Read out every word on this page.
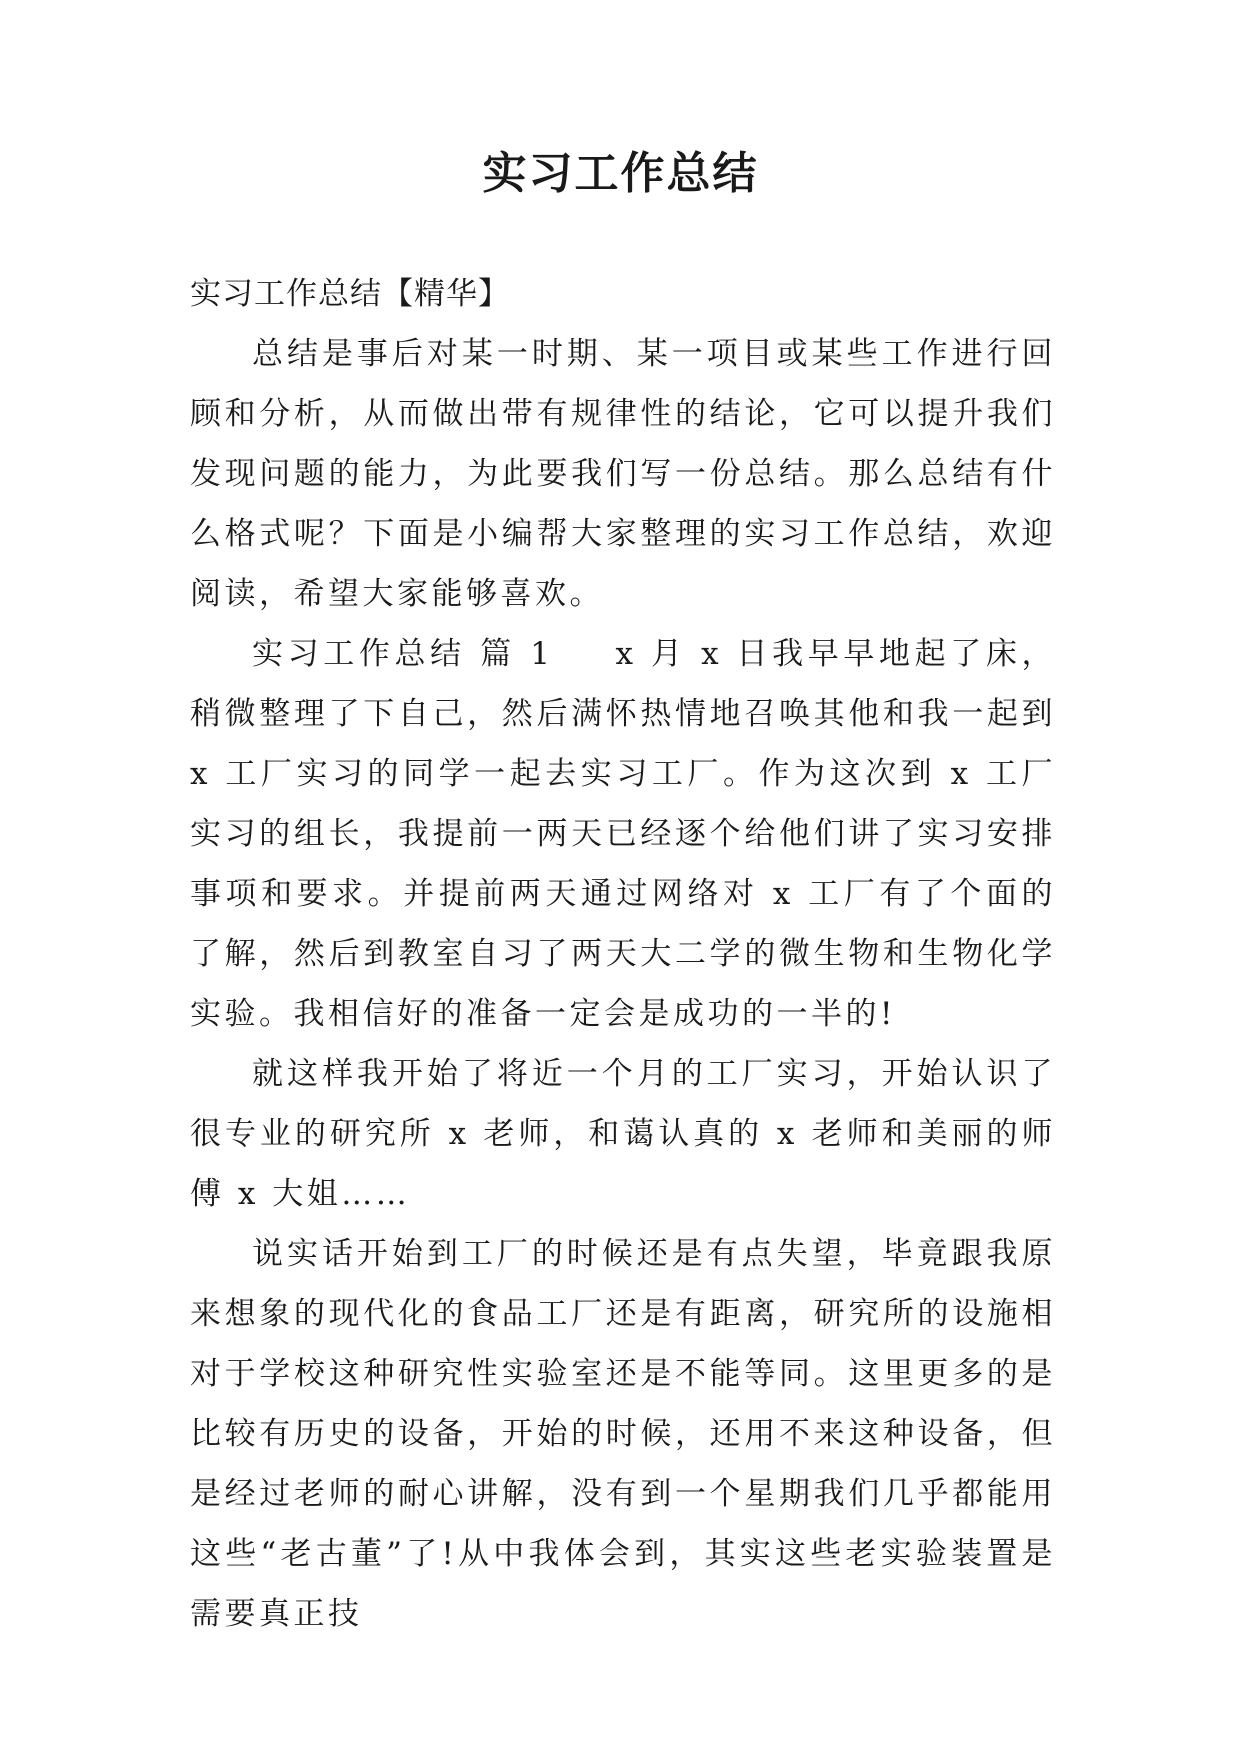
实习工作总结

实习工作总结【精华】

总结是事后对某一时期、某一项目或某些工作进行回顾和分析，从而做出带有规律性的结论，它可以提升我们发现问题的能力，为此要我们写一份总结。那么总结有什么格式呢？下面是小编帮大家整理的实习工作总结，欢迎阅读，希望大家能够喜欢。

实习工作总结 篇 1 x 月 x 日我早早地起了床，稍微整理了下自己，然后满怀热情地召唤其他和我一起到 x 工厂实习的同学一起去实习工厂。作为这次到 x 工厂实习的组长，我提前一两天已经逐个给他们讲了实习安排事项和要求。并提前两天通过网络对 x 工厂有了个面的了解，然后到教室自习了两天大二学的微生物和生物化学实验。我相信好的准备一定会是成功的一半的!

就这样我开始了将近一个月的工厂实习，开始认识了很专业的研究所 x 老师，和蔼认真的 x 老师和美丽的师傅 x 大姐……

说实话开始到工厂的时候还是有点失望，毕竟跟我原来想象的现代化的食品工厂还是有距离，研究所的设施相对于学校这种研究性实验室还是不能等同。这里更多的是比较有历史的设备，开始的时候，还用不来这种设备，但是经过老师的耐心讲解，没有到一个星期我们几乎都能用这些“老古董”了!从中我体会到，其实这些老实验装置是需要真正技
